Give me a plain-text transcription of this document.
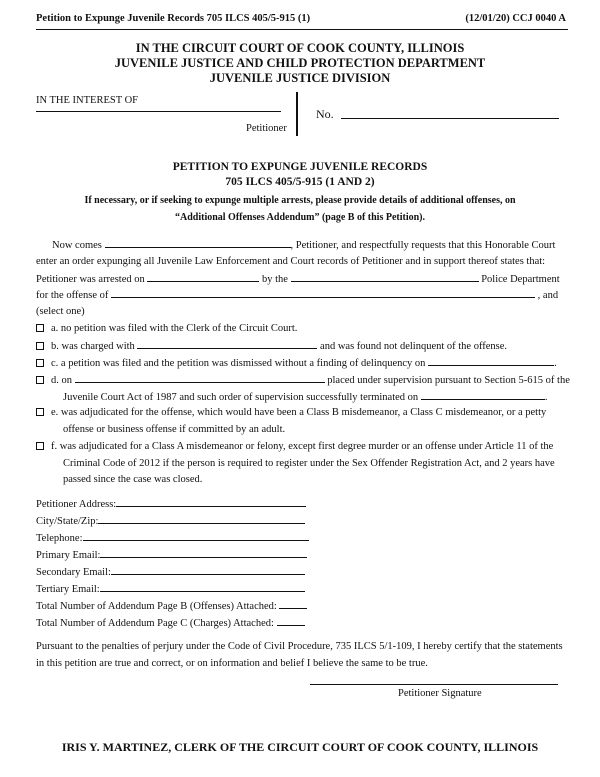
Petition to Expunge Juvenile Records 705 ILCS 405/5-915 (1)	(12/01/20) CCJ 0040 A
IN THE CIRCUIT COURT OF COOK COUNTY, ILLINOIS
JUVENILE JUSTICE AND CHILD PROTECTION DEPARTMENT
JUVENILE JUSTICE DIVISION
IN THE INTEREST OF
Petitioner
No.
PETITION TO EXPUNGE JUVENILE RECORDS
705 ILCS 405/5-915 (1 AND 2)
If necessary, or if seeking to expunge multiple arrests, please provide details of additional offenses, on
“Additional Offenses Addendum” (page B of this Petition).
Now comes	, Petitioner, and respectfully requests that this Honorable Court
enter an order expunging all Juvenile Law Enforcement and Court records of Petitioner and in support thereof states that:
Petitioner was arrested on	by the	Police Department
for the offense of	, and
(select one)
a. no petition was filed with the Clerk of the Circuit Court.
b. was charged with	and was found not delinquent of the offense.
c. a petition was filed and the petition was dismissed without a finding of delinquency on	.
d. on	placed under supervision pursuant to Section 5-615 of the
Juvenile Court Act of 1987 and such order of supervision successfully terminated on	.
e. was adjudicated for the offense, which would have been a Class B misdemeanor, a Class C misdemeanor, or a petty
offense or business offense if committed by an adult.
f. was adjudicated for a Class A misdemeanor or felony, except first degree murder or an offense under Article 11 of the
Criminal Code of 2012 if the person is required to register under the Sex Offender Registration Act, and 2 years have
passed since the case was closed.
Petitioner Address:
City/State/Zip:
Telephone:
Primary Email:
Secondary Email:
Tertiary Email:
Total Number of Addendum Page B (Offenses) Attached:
Total Number of Addendum Page C (Charges) Attached:
Pursuant to the penalties of perjury under the Code of Civil Procedure, 735 ILCS 5/1-109, I hereby certify that the statements
in this petition are true and correct, or on information and belief I believe the same to be true.
Petitioner Signature
IRIS Y. MARTINEZ, CLERK OF THE CIRCUIT COURT OF COOK COUNTY, ILLINOIS
